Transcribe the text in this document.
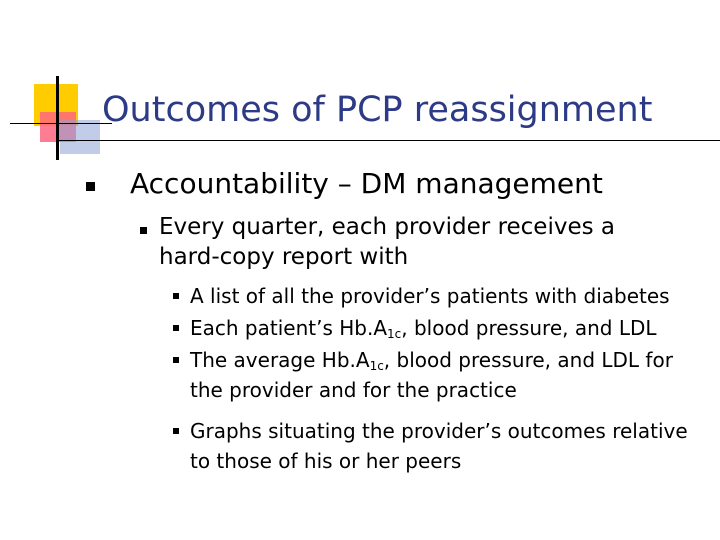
Outcomes of PCP reassignment
Accountability – DM management
Every quarter, each provider receives a hard-copy report with
A list of all the provider’s patients with diabetes
Each patient’s $Hb.A_{1c}$, blood pressure, and LDL
The average $Hb.A_{1c}$, blood pressure, and LDL for the provider and for the practice
Graphs situating the provider’s outcomes relative to those of his or her peers
